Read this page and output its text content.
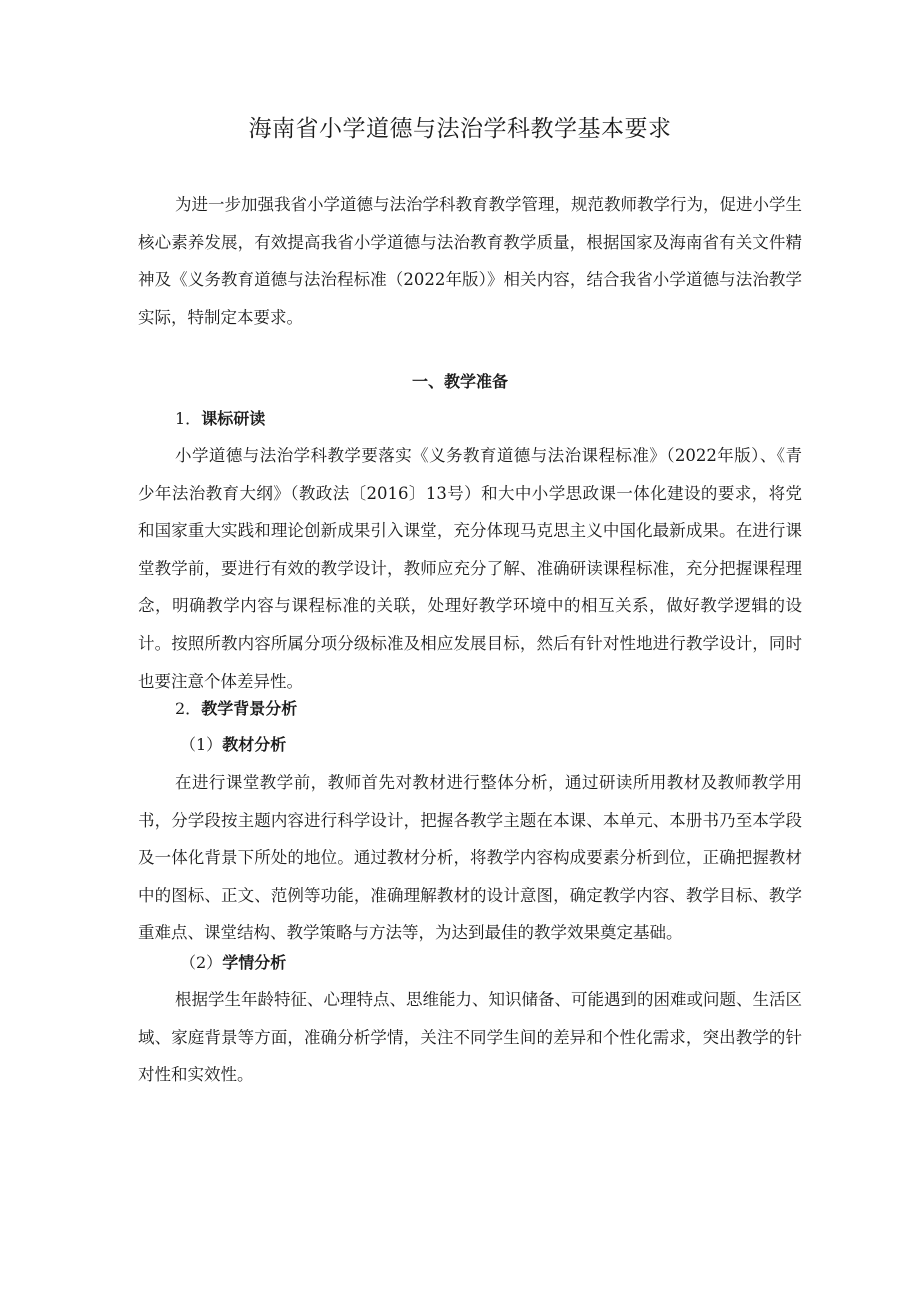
海南省小学道德与法治学科教学基本要求

为进一步加强我省小学道德与法治学科教育教学管理，规范教师教学行为，促进小学生核心素养发展，有效提高我省小学道德与法治教育教学质量，根据国家及海南省有关文件精神及《义务教育道德与法治程标准（2022年版）》相关内容，结合我省小学道德与法治教学实际，特制定本要求。

一、教学准备
1．课标研读

小学道德与法治学科教学要落实《义务教育道德与法治课程标准》（2022年版）、《青少年法治教育大纲》（教政法〔2016〕13号）和大中小学思政课一体化建设的要求，将党和国家重大实践和理论创新成果引入课堂，充分体现马克思主义中国化最新成果。在进行课堂教学前，要进行有效的教学设计，教师应充分了解、准确研读课程标准，充分把握课程理念，明确教学内容与课程标准的关联，处理好教学环境中的相互关系，做好教学逻辑的设计。按照所教内容所属分项分级标准及相应发展目标，然后有针对性地进行教学设计，同时也要注意个体差异性。

2．教学背景分析
（1）教材分析

在进行课堂教学前，教师首先对教材进行整体分析，通过研读所用教材及教师教学用书，分学段按主题内容进行科学设计，把握各教学主题在本课、本单元、本册书乃至本学段及一体化背景下所处的地位。通过教材分析，将教学内容构成要素分析到位，正确把握教材中的图标、正文、范例等功能，准确理解教材的设计意图，确定教学内容、教学目标、教学重难点、课堂结构、教学策略与方法等，为达到最佳的教学效果奠定基础。

（2）学情分析

根据学生年龄特征、心理特点、思维能力、知识储备、可能遇到的困难或问题、生活区域、家庭背景等方面，准确分析学情，关注不同学生间的差异和个性化需求，突出教学的针对性和实效性。
